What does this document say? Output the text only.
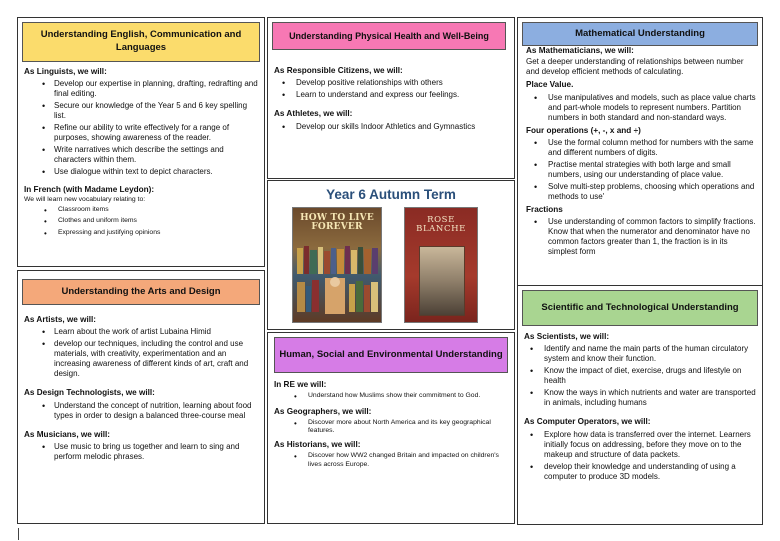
Understanding English, Communication and Languages
As Linguists, we will:
• Develop our expertise in planning, drafting, redrafting and final editing.
• Secure our knowledge of the Year 5 and 6 key spelling list.
• Refine our ability to write effectively for a range of purposes, showing awareness of the reader.
• Write narratives which describe the settings and characters within them.
• Use dialogue within text to depict characters.
In French (with Madame Leydon):
We will learn new vocabulary relating to:
• Classroom items
• Clothes and uniform items
• Expressing and justifying opinions
Understanding Physical Health and Well-Being
As Responsible Citizens, we will:
• Develop positive relationships with others
• Learn to understand and express our feelings.
As Athletes, we will:
• Develop our skills Indoor Athletics and Gymnastics
Year 6 Autumn Term
HOW TO LIVE FOREVER
ROSE BLANCHE
Mathematical Understanding
As Mathematicians, we will:

Get a deeper understanding of relationships between number and develop efficient methods of calculating.

Place Value.
• Use manipulatives and models, such as place value charts and part-whole models to represent numbers. Partition numbers in both standard and non-standard ways.
Four operations (+, -, x and ÷)
• Use the formal column method for numbers with the same and different numbers of digits.
• Practise mental strategies with both large and small numbers, using our understanding of place value.
• Solve multi-step problems, choosing which operations and methods to use'
Fractions
• Use understanding of common factors to simplify fractions. Know that when the numerator and denominator have no common factors greater than 1, the fraction is in its simplest form
Understanding the Arts and Design
As Artists, we will:
• Learn about the work of artist Lubaina Himid
• develop our techniques, including the control and use materials, with creativity, experimentation and an increasing awareness of different kinds of art, craft and design.
As Design Technologists, we will:
• Understand the concept of nutrition, learning about food types in order to design a balanced three-course meal
As Musicians, we will:
• Use music to bring us together and learn to sing and perform melodic phrases.
Human, Social and Environmental Understanding
In RE we will:
• Understand how Muslims show their commitment to God.
As Geographers, we will:
• Discover more about North America and its key geographical features.
As Historians, we will:
• Discover how WW2 changed Britain and impacted on children's lives across Europe.
Scientific and Technological Understanding
As Scientists, we will:
• Identify and name the main parts of the human circulatory system and know their function.
• Know the impact of diet, exercise, drugs and lifestyle on health
• Know the ways in which nutrients and water are transported in animals, including humans
As Computer Operators, we will:
• Explore how data is transferred over the internet. Learners initially focus on addressing, before they move on to the makeup and structure of data packets.
• develop their knowledge and understanding of using a computer to produce 3D models.
